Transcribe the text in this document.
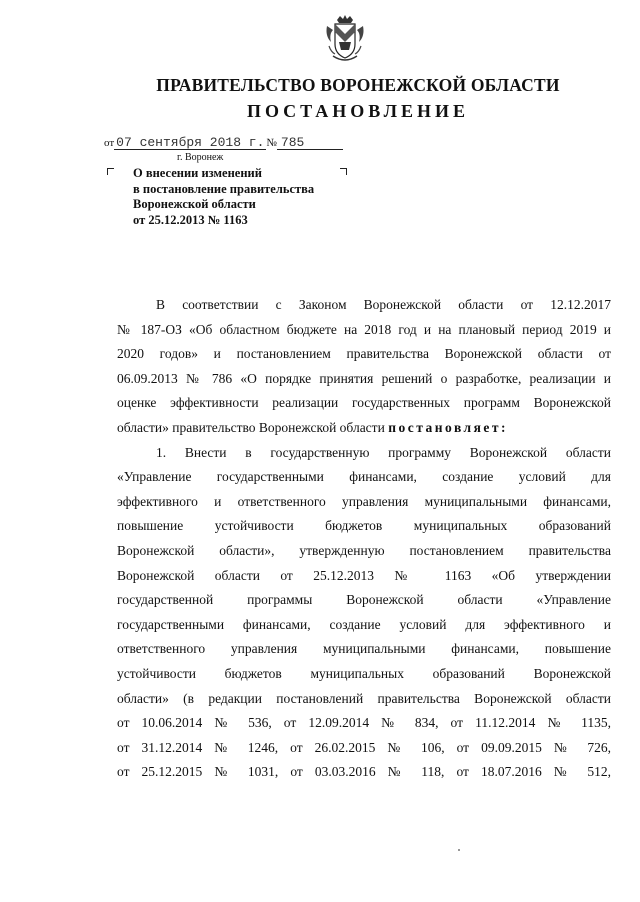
ПРАВИТЕЛЬСТВО ВОРОНЕЖСКОЙ ОБЛАСТИ
ПОСТАНОВЛЕНИЕ
от 07 сентября 2018 г. № 785
г. Воронеж
О внесении изменений
в постановление правительства
Воронежской области
от 25.12.2013 № 1163
В соответствии с Законом Воронежской области от 12.12.2017
№ 187-ОЗ «Об областном бюджете на 2018 год и на плановый период 2019 и
2020 годов» и постановлением правительства Воронежской области от
06.09.2013 № 786 «О порядке принятия решений о разработке, реализации и
оценке эффективности реализации государственных программ Воронежской
области» правительство Воронежской области постановляет:
1. Внести в государственную программу Воронежской области
«Управление государственными финансами, создание условий для
эффективного и ответственного управления муниципальными финансами,
повышение устойчивости бюджетов муниципальных образований
Воронежской области», утвержденную постановлением правительства
Воронежской области от 25.12.2013 № 1163 «Об утверждении
государственной программы Воронежской области «Управление
государственными финансами, создание условий для эффективного и
ответственного управления муниципальными финансами, повышение
устойчивости бюджетов муниципальных образований Воронежской
области» (в редакции постановлений правительства Воронежской области
от 10.06.2014 № 536, от 12.09.2014 № 834, от 11.12.2014 № 1135,
от 31.12.2014 № 1246, от 26.02.2015 № 106, от 09.09.2015 № 726,
от 25.12.2015 № 1031, от 03.03.2016 № 118, от 18.07.2016 № 512,
